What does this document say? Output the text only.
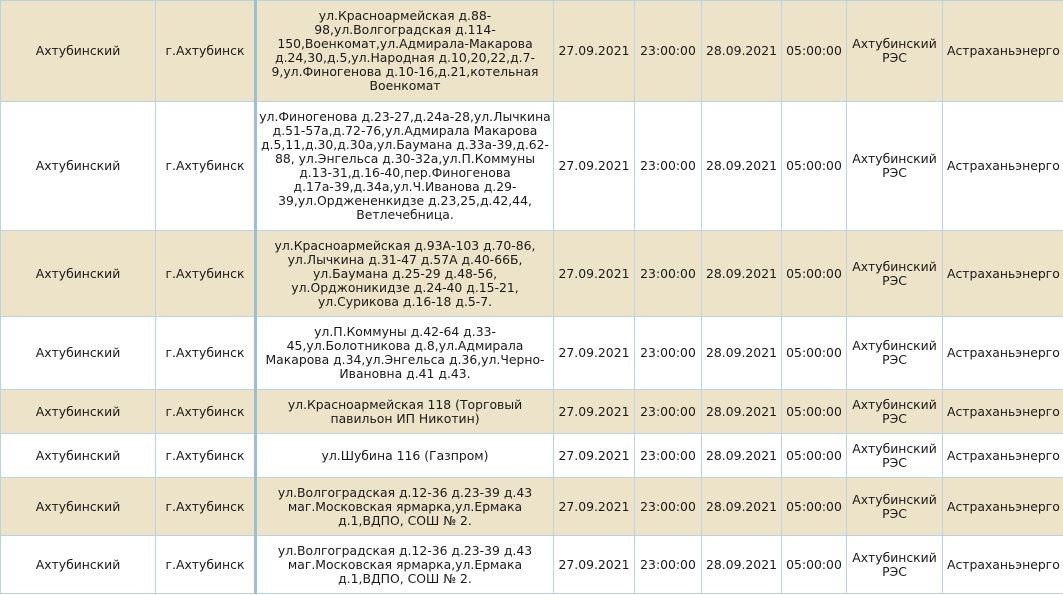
Ахтубинский	г.Ахтубинск	ул.Красноармейская д.88-98,ул.Волгоградская д.114-150,Военкомат,ул.Адмирала-Макарова д.24,30,д.5,ул.Народная д.10,20,22,д.7-9,ул.Финогенова д.10-16,д.21,котельная Военкомат	27.09.2021	23:00:00	28.09.2021	05:00:00	Ахтубинский РЭС	Астраханьэнерго
Ахтубинский	г.Ахтубинск	ул.Финогенова д.23-27,д.24а-28,ул.Лычкина д.51-57а,д.72-76,ул.Адмирала Макарова д.5,11,д.30,д.30а,ул.Баумана д.33а-39,д.62-88, ул.Энгельса д.30-32а,ул.П.Коммуны д.13-31,д.16-40,пер.Финогенова д.17а-39,д.34а,ул.Ч.Иванова д.29-39,ул.Орджененкидзе д.23,25,д.42,44, Ветлечебница.	27.09.2021	23:00:00	28.09.2021	05:00:00	Ахтубинский РЭС	Астраханьэнерго
Ахтубинский	г.Ахтубинск	ул.Красноармейская д.93А-103 д.70-86, ул.Лычкина д.31-47 д.57А д.40-66Б, ул.Баумана д.25-29 д.48-56, ул.Орджоникидзе д.24-40 д.15-21, ул.Сурикова д.16-18 д.5-7.	27.09.2021	23:00:00	28.09.2021	05:00:00	Ахтубинский РЭС	Астраханьэнерго
Ахтубинский	г.Ахтубинск	ул.П.Коммуны д.42-64 д.33-45,ул.Болотникова д.8,ул.Адмирала Макарова д.34,ул.Энгельса д.36,ул.Черно-Ивановна д.41 д.43.	27.09.2021	23:00:00	28.09.2021	05:00:00	Ахтубинский РЭС	Астраханьэнерго
Ахтубинский	г.Ахтубинск	ул.Красноармейская 118 (Торговый павильон ИП Никотин)	27.09.2021	23:00:00	28.09.2021	05:00:00	Ахтубинский РЭС	Астраханьэнерго
Ахтубинский	г.Ахтубинск	ул.Шубина 116 (Газпром)	27.09.2021	23:00:00	28.09.2021	05:00:00	Ахтубинский РЭС	Астраханьэнерго
Ахтубинский	г.Ахтубинск	ул.Волгоградская д.12-36 д.23-39 д.43 маг.Московская ярмарка,ул.Ермака д.1,ВДПО, СОШ № 2.	27.09.2021	23:00:00	28.09.2021	05:00:00	Ахтубинский РЭС	Астраханьэнерго
Ахтубинский	г.Ахтубинск	ул.Волгоградская д.12-36 д.23-39 д.43 маг.Московская ярмарка,ул.Ермака д.1,ВДПО, СОШ № 2.	27.09.2021	23:00:00	28.09.2021	05:00:00	Ахтубинский РЭС	Астраханьэнерго
